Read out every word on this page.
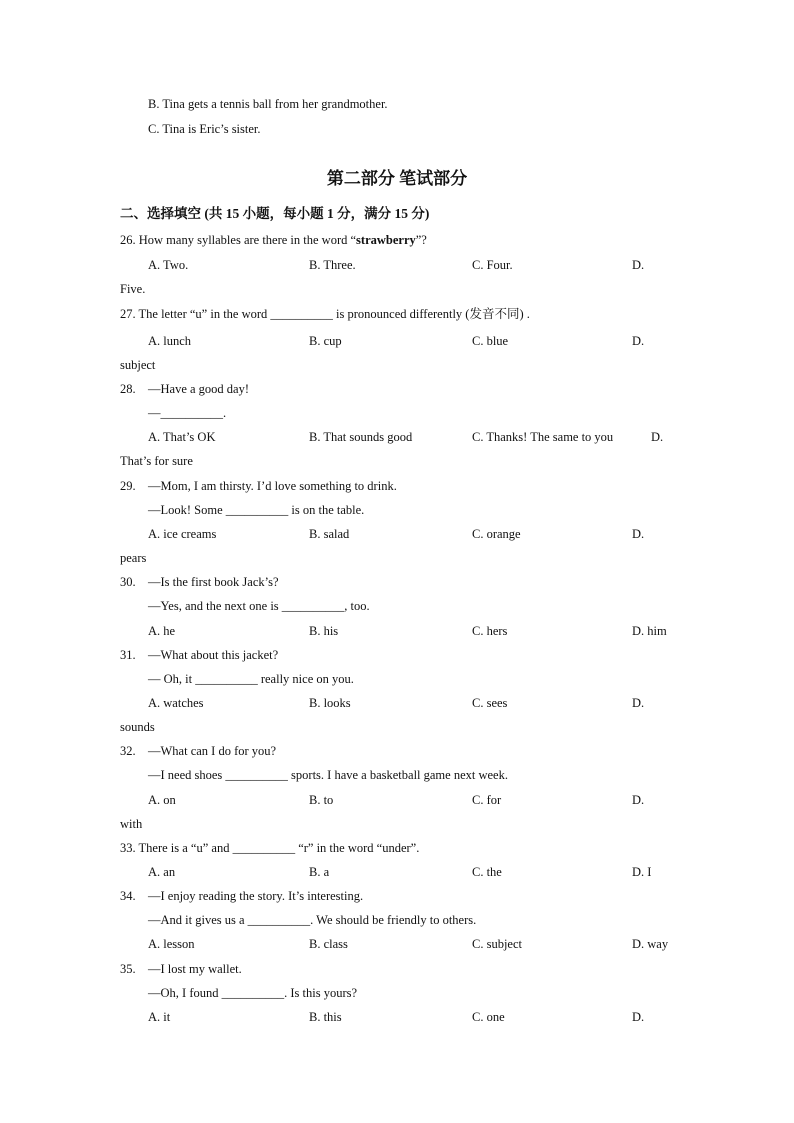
B. Tina gets a tennis ball from her grandmother.
C. Tina is Eric’s sister.
第二部分 笔试部分
二、选择填空 (共 15 小题，每小题 1 分，满分 15 分)
26. How many syllables are there in the word “strawberry”?
A. Two.	B. Three.	C. Four.	D.
Five.
27. The letter “u” in the word __________ is pronounced differently (发音不同) .
A. lunch	B. cup	C. blue	D.
subject
28. —Have a good day!
—__________.
A. That’s OK	B. That sounds good	C. Thanks! The same to you	D.
That’s for sure
29. —Mom, I am thirsty. I’d love something to drink.
—Look! Some __________ is on the table.
A. ice creams	B. salad	C. orange	D.
pears
30. —Is the first book Jack’s?
—Yes, and the next one is __________, too.
A. he	B. his	C. hers	D. him
31. —What about this jacket?
— Oh, it __________ really nice on you.
A. watches	B. looks	C. sees	D.
sounds
32. —What can I do for you?
—I need shoes __________ sports. I have a basketball game next week.
A. on	B. to	C. for	D.
with
33. There is a “u” and __________ “r” in the word “under”.
A. an	B. a	C. the	D. I
34. —I enjoy reading the story. It’s interesting.
—And it gives us a __________. We should be friendly to others.
A. lesson	B. class	C. subject	D. way
35. —I lost my wallet.
—Oh, I found __________. Is this yours?
A. it	B. this	C. one	D.
